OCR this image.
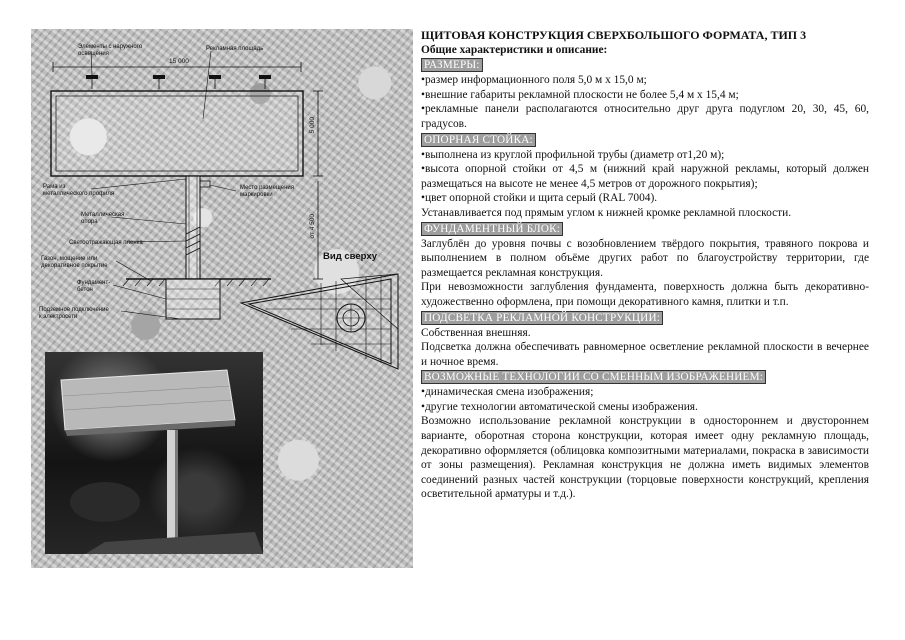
Элементы с наружного
освещения
Рекламная площадь
15 000
5 000
от 4 500
Рама из
металлического профиля
Место размещения
маркировки
Металлическая
опора
Светоотражающая пленка
Газон, мощение или
декоративное покрытие
Фундамент-
бетон
Подземное подключение
к электросети
Вид сверху

ЩИТОВАЯ КОНСТРУКЦИЯ СВЕРХБОЛЬШОГО ФОРМАТА, ТИП 3

Общие характеристики и описание:

РАЗМЕРЫ:

•размер информационного поля 5,0 м х 15,0 м;

•внешние габариты рекламной плоскости не более 5,4 м х 15,4 м;

•рекламные панели располагаются относительно друг друга подуглом 20, 30, 45, 60, градусов.

ОПОРНАЯ СТОЙКА:

•выполнена из круглой профильной трубы (диаметр от1,20 м);

•высота опорной стойки от 4,5 м (нижний край наружной рекламы, который должен размещаться на высоте не менее 4,5 метров от дорожного покрытия);

•цвет опорной стойки и щита серый (RAL 7004).

Устанавливается под прямым углом к нижней кромке рекламной плоскости.

ФУНДАМЕНТНЫЙ БЛОК:

Заглублён до уровня почвы с возобновлением твёрдого покрытия, травяного покрова и выполнением в полном объёме других работ по благоустройству территории, где размещается рекламная конструкция.

При невозможности заглубления фундамента, поверхность должна быть декоративно-художественно оформлена, при помощи декоративного камня, плитки и т.п.

ПОДСВЕТКА РЕКЛАМНОЙ КОНСТРУКЦИИ:

Собственная внешняя.

Подсветка должна обеспечивать равномерное осветление рекламной плоскости в вечернее и ночное время.

ВОЗМОЖНЫЕ ТЕХНОЛОГИИ СО СМЕННЫМ ИЗОБРАЖЕНИЕМ:

•динамическая смена изображения;

•другие технологии автоматической смены изображения.

Возможно использование рекламной конструкции в одностороннем и двустороннем варианте, оборотная сторона конструкции, которая имеет одну рекламную площадь, декоративно оформляется (облицовка композитными материалами, покраска в зависимости от зоны размещения). Рекламная конструкция не должна иметь видимых элементов соединений разных частей конструкции (торцовые поверхности конструкций, крепления осветительной арматуры и т.д.).
